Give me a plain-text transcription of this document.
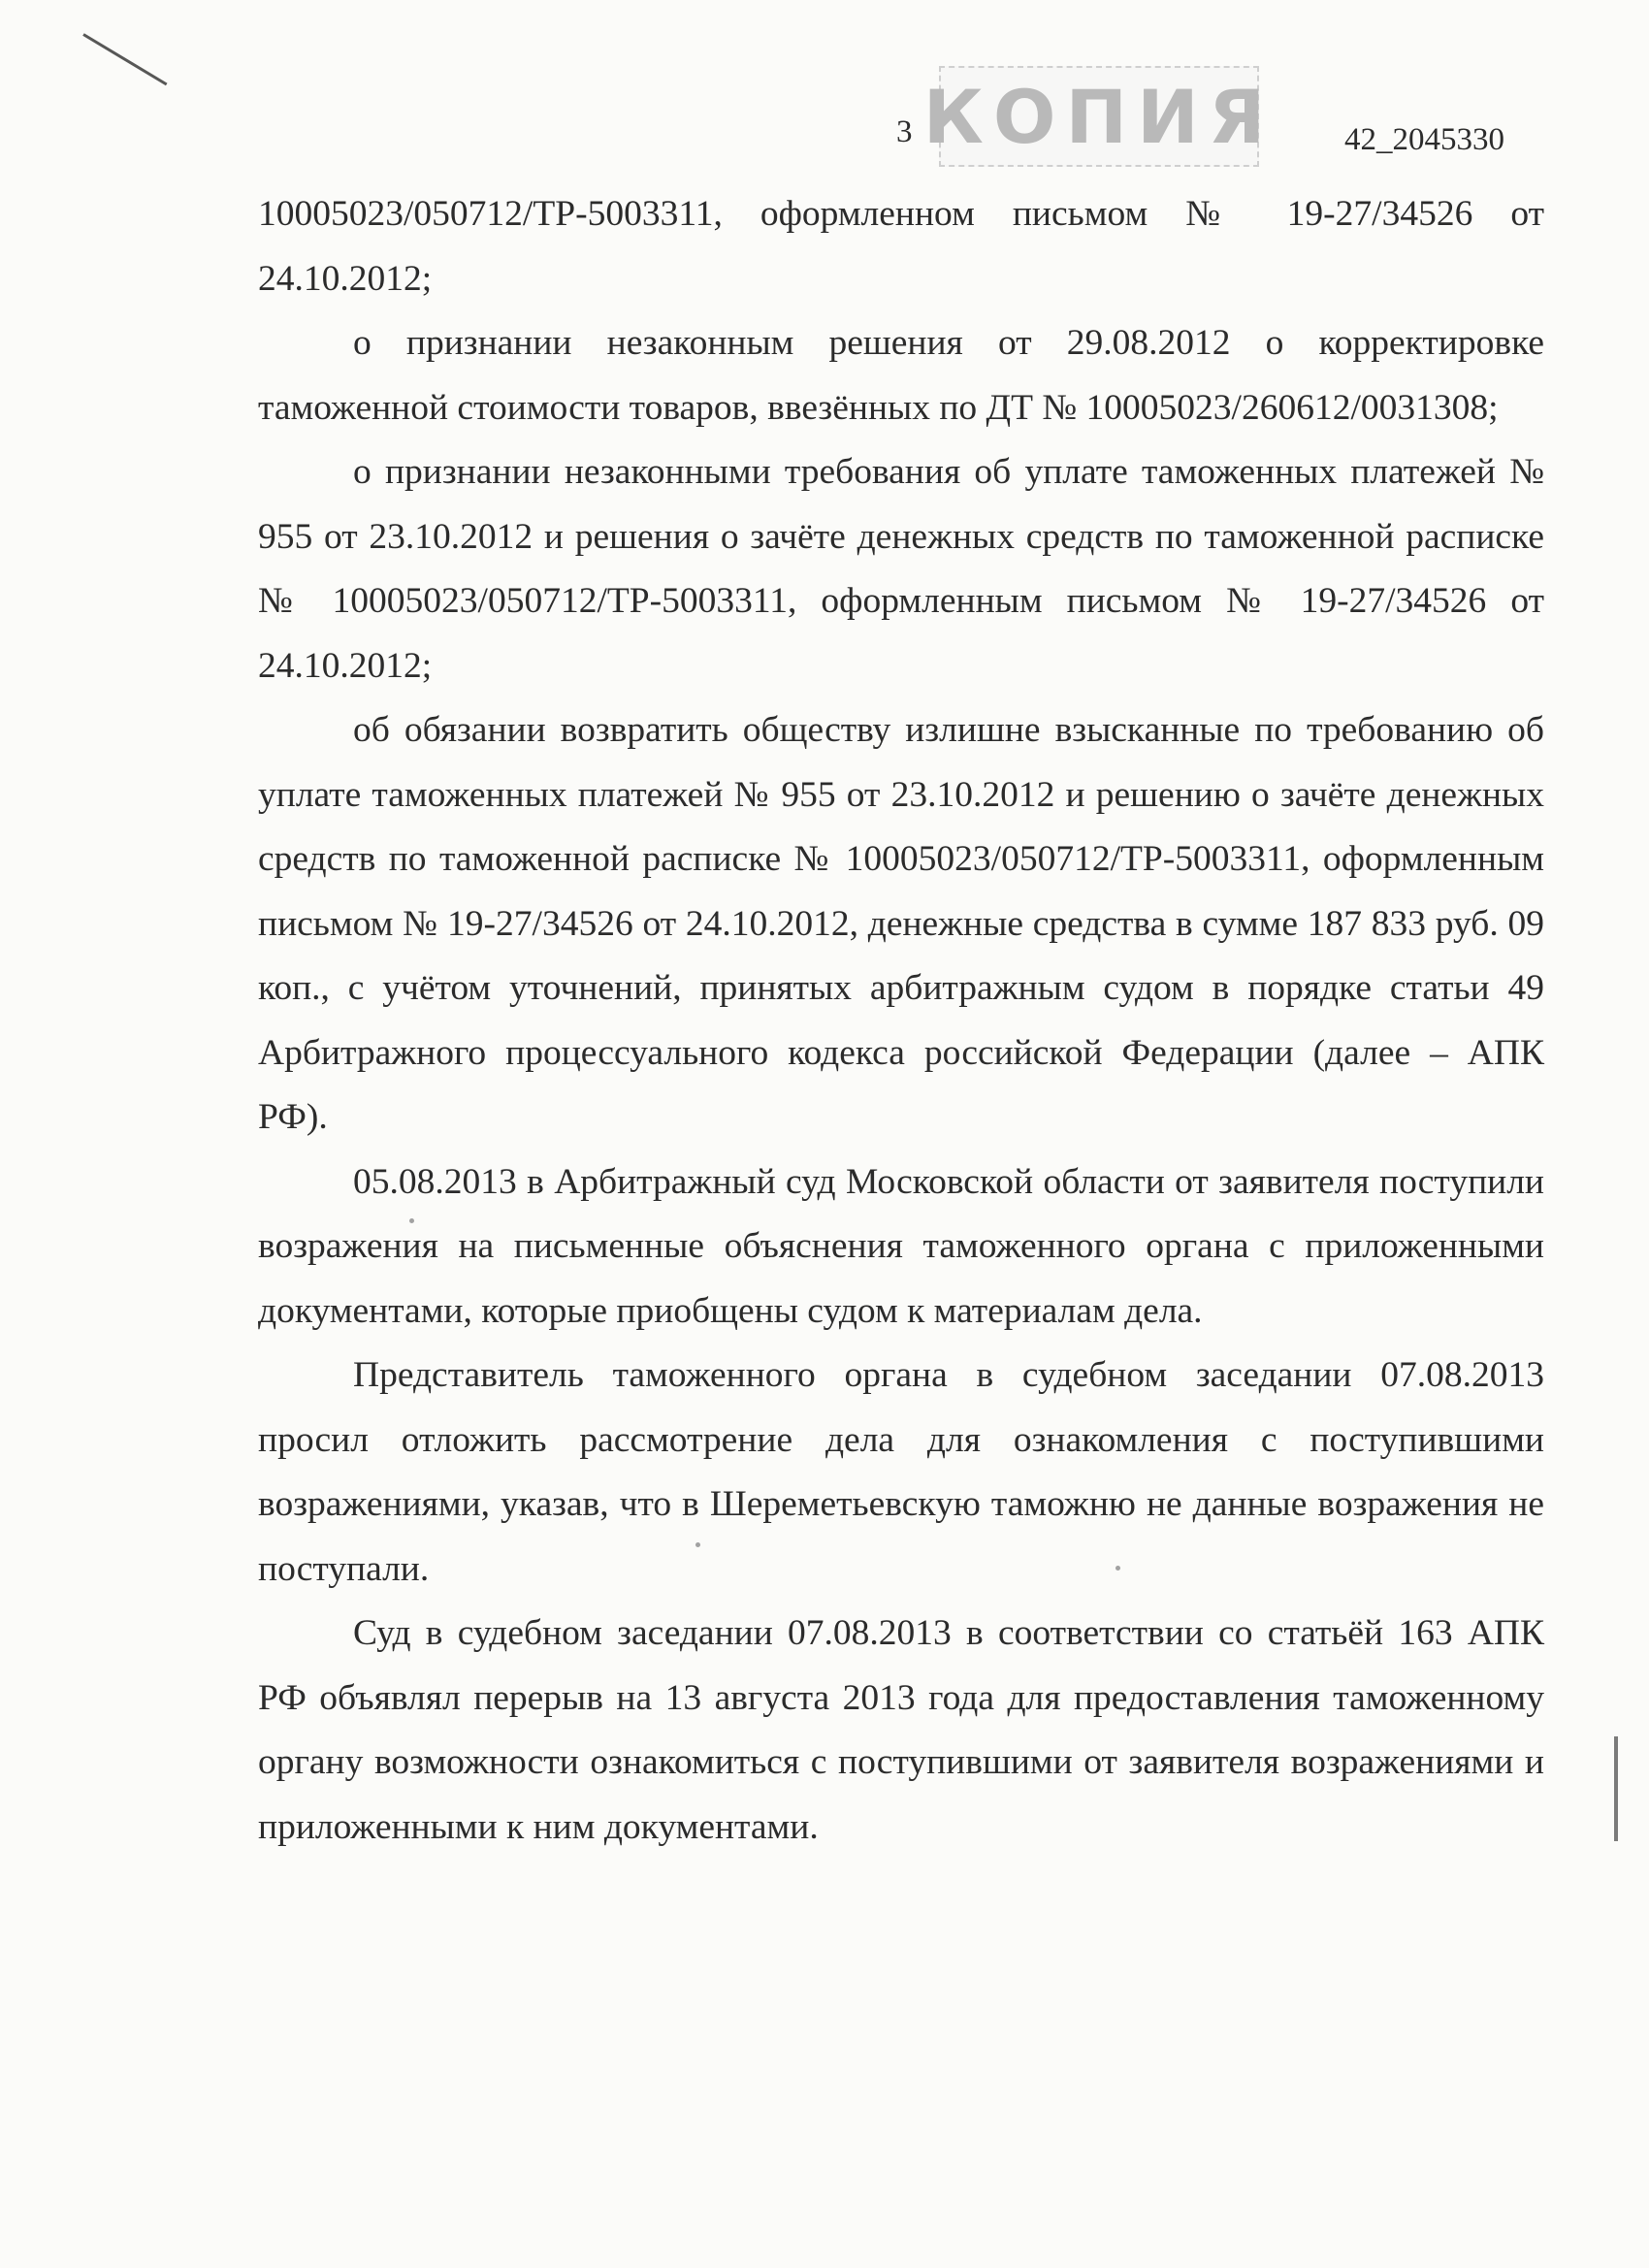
3 КОПИЯ 42_2045330

10005023/050712/ТР-5003311, оформленном письмом № 19-27/34526 от 24.10.2012;

о признании незаконным решения от 29.08.2012 о корректировке таможенной стоимости товаров, ввезённых по ДТ № 10005023/260612/0031308;

о признании незаконными требования об уплате таможенных платежей № 955 от 23.10.2012 и решения о зачёте денежных средств по таможенной расписке № 10005023/050712/ТР-5003311, оформленным письмом № 19-27/34526 от 24.10.2012;

об обязании возвратить обществу излишне взысканные по требованию об уплате таможенных платежей № 955 от 23.10.2012 и решению о зачёте денежных средств по таможенной расписке № 10005023/050712/ТР-5003311, оформленным письмом № 19-27/34526 от 24.10.2012, денежные средства в сумме 187 833 руб. 09 коп., с учётом уточнений, принятых арбитражным судом в порядке статьи 49 Арбитражного процессуального кодекса российской Федерации (далее – АПК РФ).

05.08.2013 в Арбитражный суд Московской области от заявителя поступили возражения на письменные объяснения таможенного органа с приложенными документами, которые приобщены судом к материалам дела.

Представитель таможенного органа в судебном заседании 07.08.2013 просил отложить рассмотрение дела для ознакомления с поступившими возражениями, указав, что в Шереметьевскую таможню не данные возражения не поступали.

Суд в судебном заседании 07.08.2013 в соответствии со статьёй 163 АПК РФ объявлял перерыв на 13 августа 2013 года для предоставления таможенному органу возможности ознакомиться с поступившими от заявителя возражениями и приложенными к ним документами.
